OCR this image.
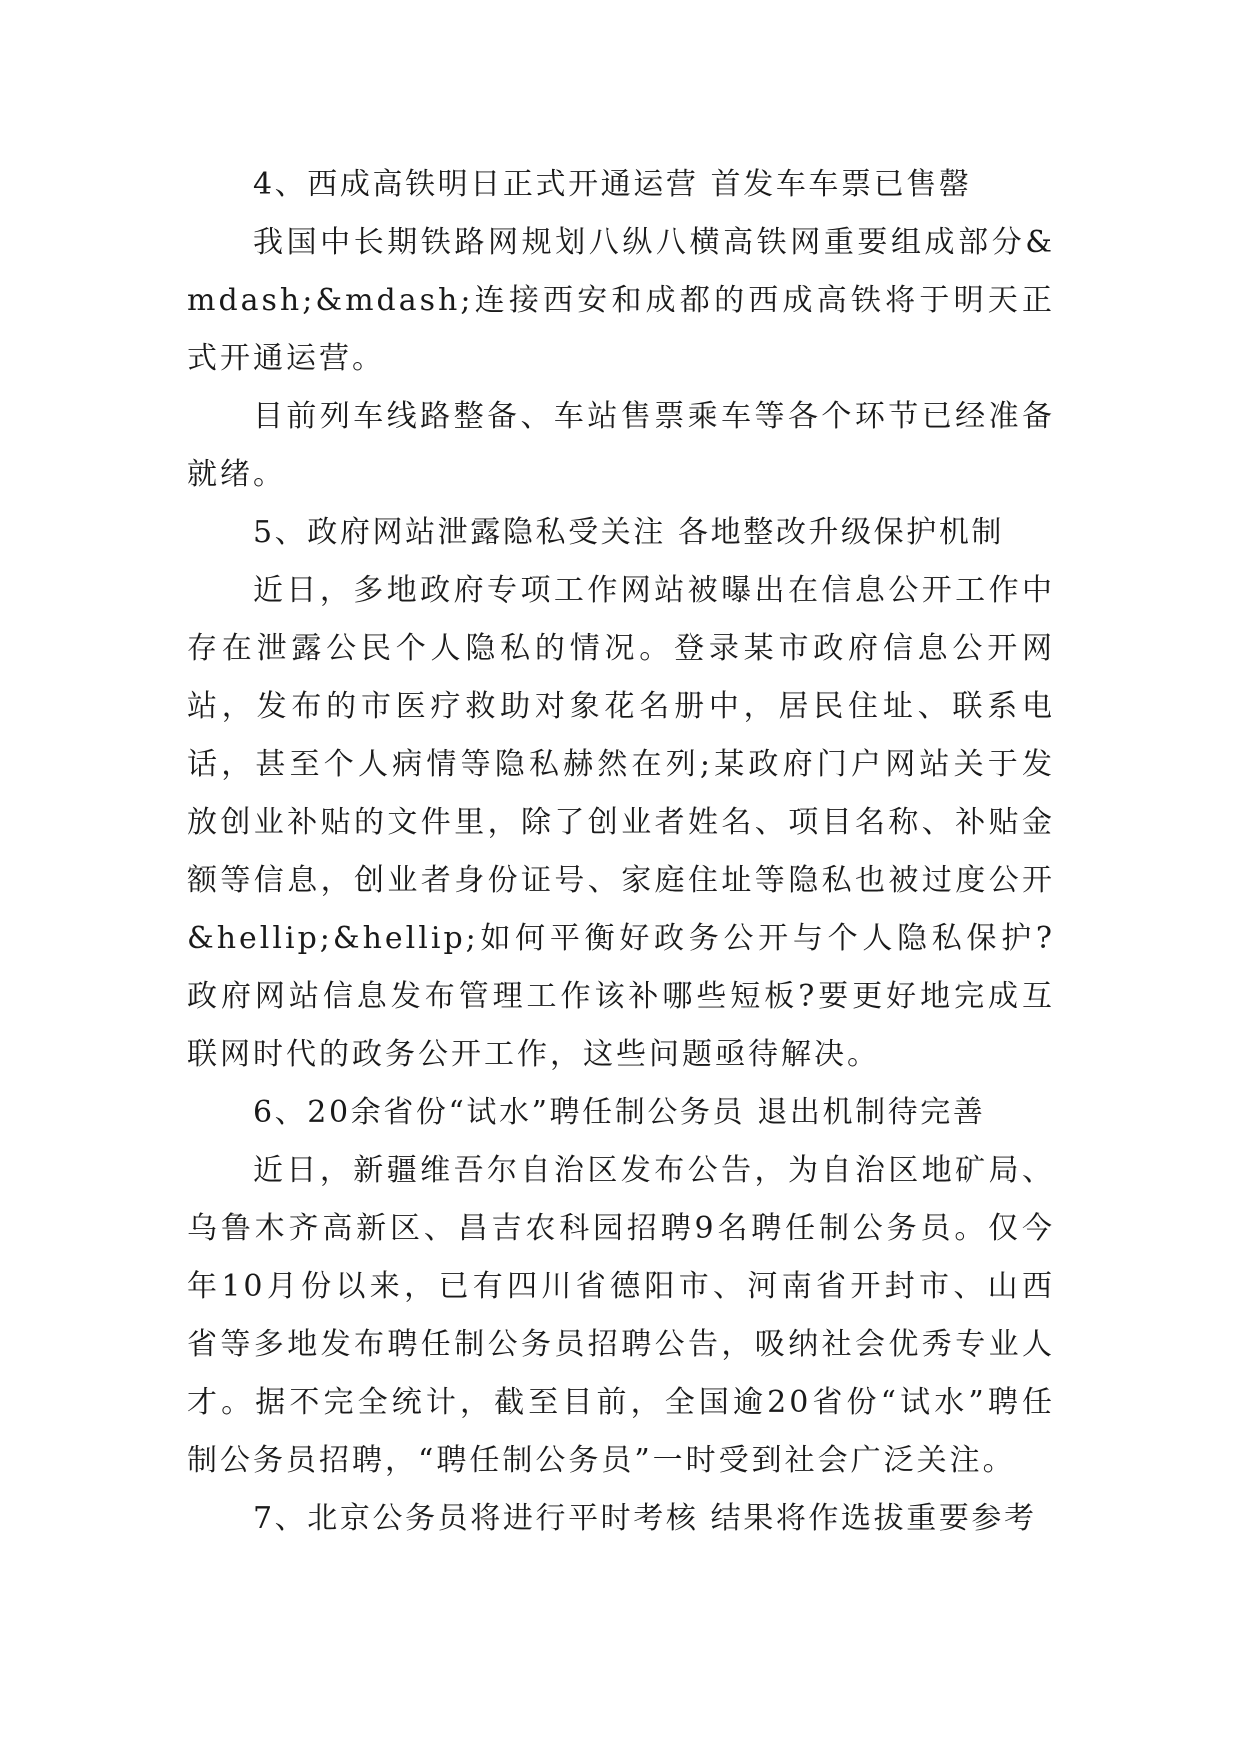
4、西成高铁明日正式开通运营 首发车车票已售罄

我国中长期铁路网规划八纵八横高铁网重要组成部分&mdash;&mdash;连接西安和成都的西成高铁将于明天正式开通运营。

目前列车线路整备、车站售票乘车等各个环节已经准备就绪。

5、政府网站泄露隐私受关注 各地整改升级保护机制

近日，多地政府专项工作网站被曝出在信息公开工作中存在泄露公民个人隐私的情况。登录某市政府信息公开网站，发布的市医疗救助对象花名册中，居民住址、联系电话，甚至个人病情等隐私赫然在列;某政府门户网站关于发放创业补贴的文件里，除了创业者姓名、项目名称、补贴金额等信息，创业者身份证号、家庭住址等隐私也被过度公开&hellip;&hellip;如何平衡好政务公开与个人隐私保护?政府网站信息发布管理工作该补哪些短板?要更好地完成互联网时代的政务公开工作，这些问题亟待解决。

6、20余省份“试水”聘任制公务员 退出机制待完善

近日，新疆维吾尔自治区发布公告，为自治区地矿局、乌鲁木齐高新区、昌吉农科园招聘9名聘任制公务员。仅今年10月份以来，已有四川省德阳市、河南省开封市、山西省等多地发布聘任制公务员招聘公告，吸纳社会优秀专业人才。据不完全统计，截至目前，全国逾20省份“试水”聘任制公务员招聘，“聘任制公务员”一时受到社会广泛关注。

7、北京公务员将进行平时考核 结果将作选拔重要参考
